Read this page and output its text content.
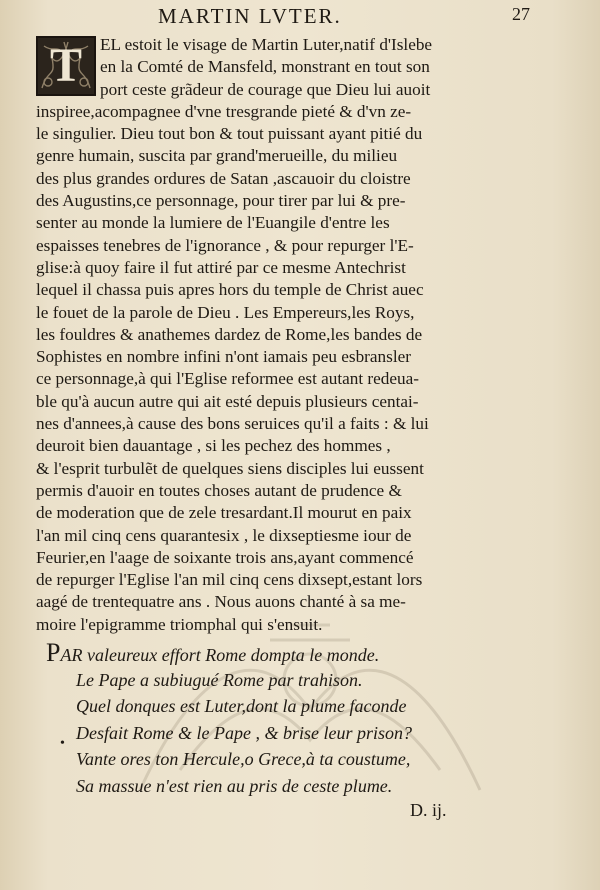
MARTIN LVTER.	27
T	EL estoit le visage de Martin Luter,natif d'Islebe
en la Comté de Mansfeld, monstrant en tout son
port ceste grãdeur de courage que Dieu lui auoit
inspiree,acompagnee d'vne tresgrande pieté & d'vn ze-
le singulier. Dieu tout bon & tout puissant ayant pitié du
genre humain, suscita par grand'merueille, du milieu
des plus grandes ordures de Satan ,ascauoir du cloistre
des Augustins,ce personnage, pour tirer par lui & pre-
senter au monde la lumiere de l'Euangile d'entre les
espaisses tenebres de l'ignorance , & pour repurger l'E-
glise:à quoy faire il fut attiré par ce mesme Antechrist
lequel il chassa puis apres hors du temple de Christ auec
le fouet de la parole de Dieu . Les Empereurs,les Roys,
les fouldres & anathemes dardez de Rome,les bandes de
Sophistes en nombre infini n'ont iamais peu esbransler
ce personnage,à qui l'Eglise reformee est autant redeua-
ble qu'à aucun autre qui ait esté depuis plusieurs centai-
nes d'annees,à cause des bons seruices qu'il a faits : & lui
deuroit bien dauantage , si les pechez des hommes ,
& l'esprit turbulẽt de quelques siens disciples lui eussent
permis d'auoir en toutes choses autant de prudence &
de moderation que de zele tresardant.Il mourut en paix
l'an mil cinq cens quarantesix , le dixseptiesme iour de
Feurier,en l'aage de soixante trois ans,ayant commencé
de repurger l'Eglise l'an mil cinq cens dixsept,estant lors
aagé de trentequatre ans . Nous auons chanté à sa me-
moire l'epigramme triomphal qui s'ensuit.
PAR valeureux effort Rome dompta le monde.
Le Pape a subiugué Rome par trahison.
Quel donques est Luter,dont la plume faconde
Desfait Rome & le Pape , & brise leur prison?
Vante ores ton Hercule,o Grece,à ta coustume,
Sa massue n'est rien au pris de ceste plume.
•
D. ij.
